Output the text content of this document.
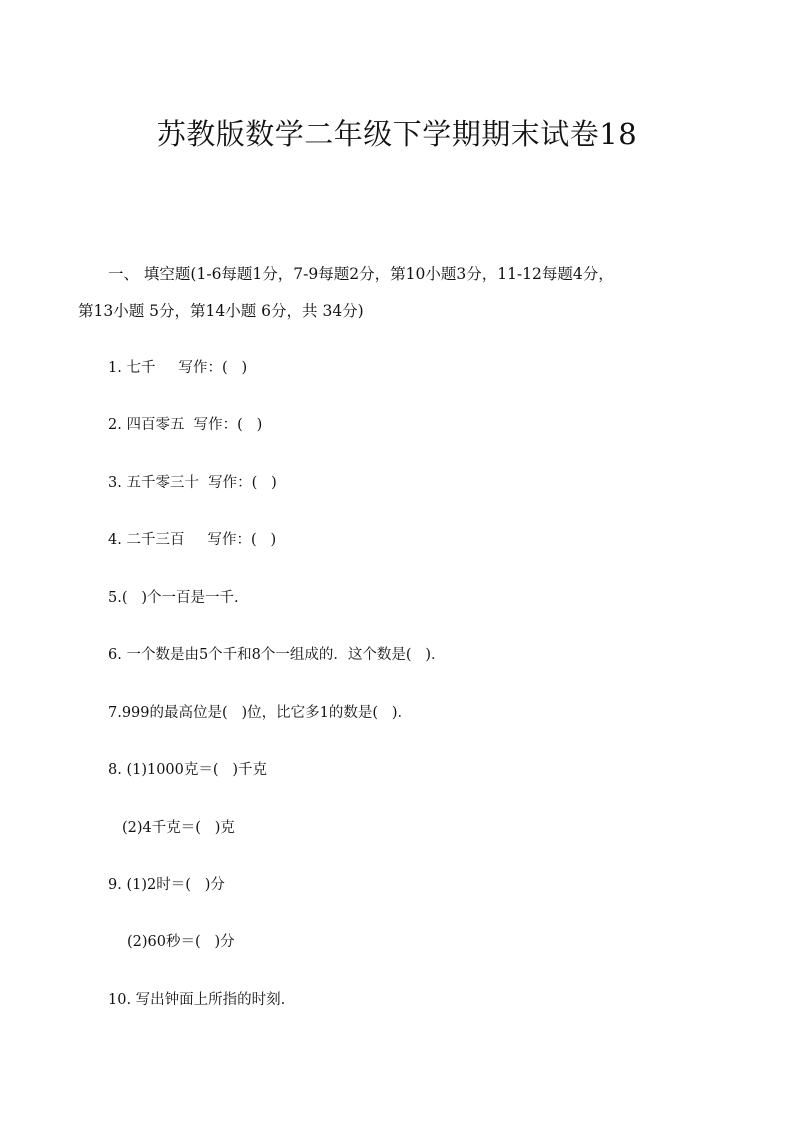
苏教版数学二年级下学期期末试卷18
一、 填空题(1-6每题1分，7-9每题2分，第10小题3分，11-12每题4分，
第13小题 5分，第14小题 6分，共 34分)
1. 七千     写作：(   )
2. 四百零五  写作：(   )
3. 五千零三十  写作：(   )
4. 二千三百     写作：(   )
5.(   )个一百是一千.
6. 一个数是由5个千和8个一组成的．这个数是(   )．
7.999的最高位是(   )位，比它多1的数是(   )．
8. (1)1000克＝(   )千克
(2)4千克＝(   )克
9. (1)2时＝(   )分
(2)60秒＝(   )分
10. 写出钟面上所指的时刻.
